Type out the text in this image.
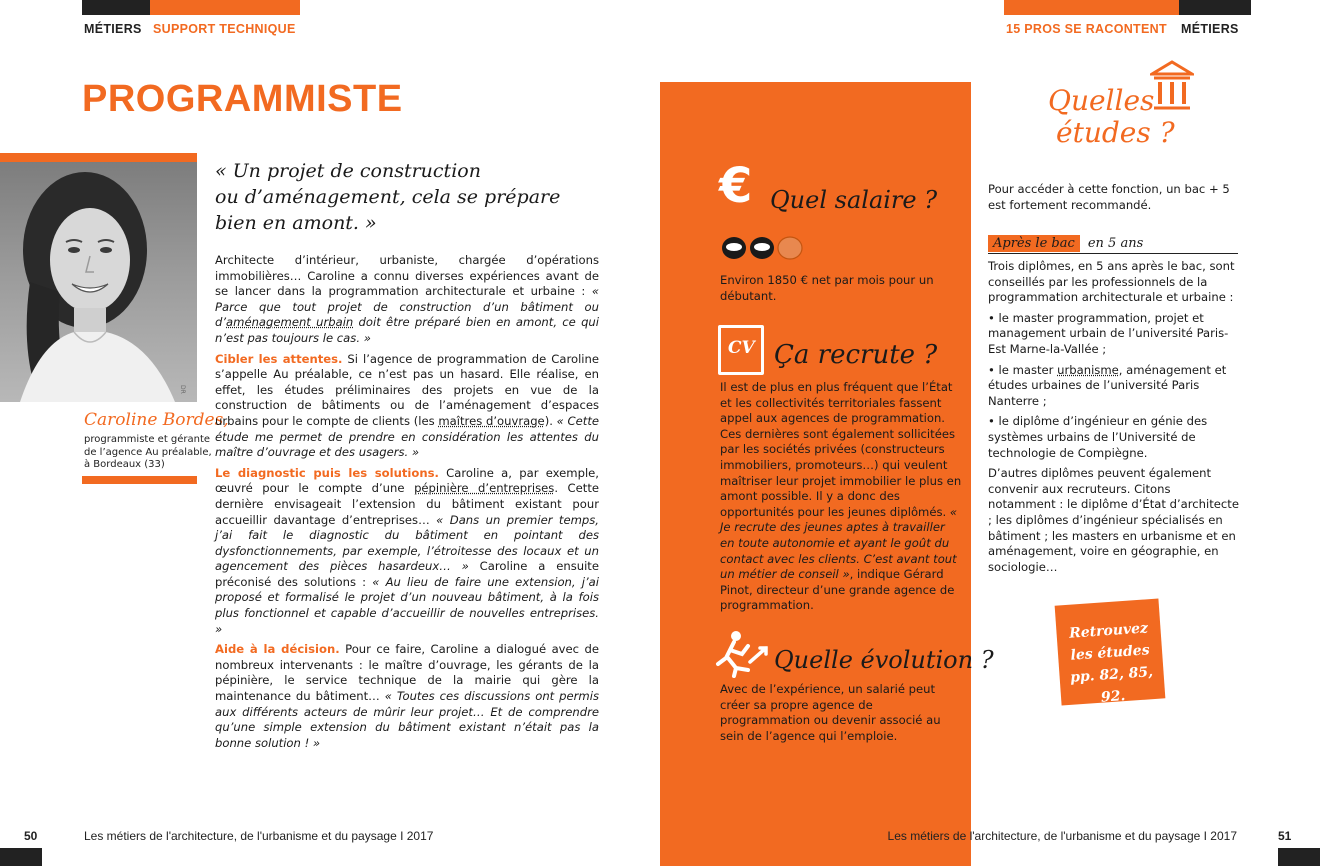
MÉTIERS SUPPORT TECHNIQUE
PROGRAMMISTE
DR
Caroline Bordes,
programmiste et gérante
de l’agence Au préalable,
à Bordeaux (33)
« Un projet de construction
ou d’aménagement, cela se prépare
bien en amont. »

Architecte d’intérieur, urbaniste, chargée d’opérations immobilières… Caroline a connu diverses expériences avant de se lancer dans la programmation architecturale et urbaine : « Parce que tout projet de construction d’un bâtiment ou d’aménagement urbain doit être préparé bien en amont, ce qui n’est pas toujours le cas. »

Cibler les attentes. Si l’agence de programmation de Caroline s’appelle Au préalable, ce n’est pas un hasard. Elle réalise, en effet, les études préliminaires des projets en vue de la construction de bâtiments ou de l’aménagement d’espaces urbains pour le compte de clients (les maîtres d’ouvrage). « Cette étude me permet de prendre en considération les attentes du maître d’ouvrage et des usagers. »

Le diagnostic puis les solutions. Caroline a, par exemple, œuvré pour le compte d’une pépinière d’entreprises. Cette dernière envisageait l’extension du bâtiment existant pour accueillir davantage d’entreprises… « Dans un premier temps, j’ai fait le diagnostic du bâtiment en pointant des dysfonctionnements, par exemple, l’étroitesse des locaux et un agencement des pièces hasardeux… » Caroline a ensuite préconisé des solutions : « Au lieu de faire une extension, j’ai proposé et formalisé le projet d’un nouveau bâtiment, à la fois plus fonctionnel et capable d’accueillir de nouvelles entreprises. »

Aide à la décision. Pour ce faire, Caroline a dialogué avec de nombreux intervenants : le maître d’ouvrage, les gérants de la pépinière, le service technique de la mairie qui gère la maintenance du bâtiment… « Toutes ces discussions ont permis aux différents acteurs de mûrir leur projet… Et de comprendre qu’une simple extension du bâtiment existant n’était pas la bonne solution ! »

50	Les métiers de l'architecture, de l'urbanisme et du paysage I 2017
15 PROS SE RACONTENT MÉTIERS
€ Quel salaire ?
Environ 1850 € net par mois pour un débutant.
CV Ça recrute ?
Il est de plus en plus fréquent que l’État et les collectivités territoriales fassent appel aux agences de programmation. Ces dernières sont également sollicitées par les sociétés privées (constructeurs immobiliers, promoteurs…) qui veulent maîtriser leur projet immobilier le plus en amont possible. Il y a donc des opportunités pour les jeunes diplômés. « Je recrute des jeunes aptes à travailler en toute autonomie et ayant le goût du contact avec les clients. C’est avant tout un métier de conseil », indique Gérard Pinot, directeur d’une grande agence de programmation.
Quelle évolution ?
Avec de l’expérience, un salarié peut créer sa propre agence de programmation ou devenir associé au sein de l’agence qui l’emploie.
Quelles
études ?
Pour accéder à cette fonction, un bac + 5 est fortement recommandé.
Après le bac en 5 ans

Trois diplômes, en 5 ans après le bac, sont conseillés par les professionnels de la programmation architecturale et urbaine :

• le master programmation, projet et management urbain de l’université Paris-Est Marne-la-Vallée ;

• le master urbanisme, aménagement et études urbaines de l’université Paris Nanterre ;

• le diplôme d’ingénieur en génie des systèmes urbains de l’Université de technologie de Compiègne.

D’autres diplômes peuvent également convenir aux recruteurs. Citons notamment : le diplôme d’État d’architecte ; les diplômes d’ingénieur spécialisés en bâtiment ; les masters en urbanisme et en aménagement, voire en géographie, en sociologie…

Retrouvez
les études
pp. 82, 85, 92.
Les métiers de l'architecture, de l'urbanisme et du paysage I 2017	51
